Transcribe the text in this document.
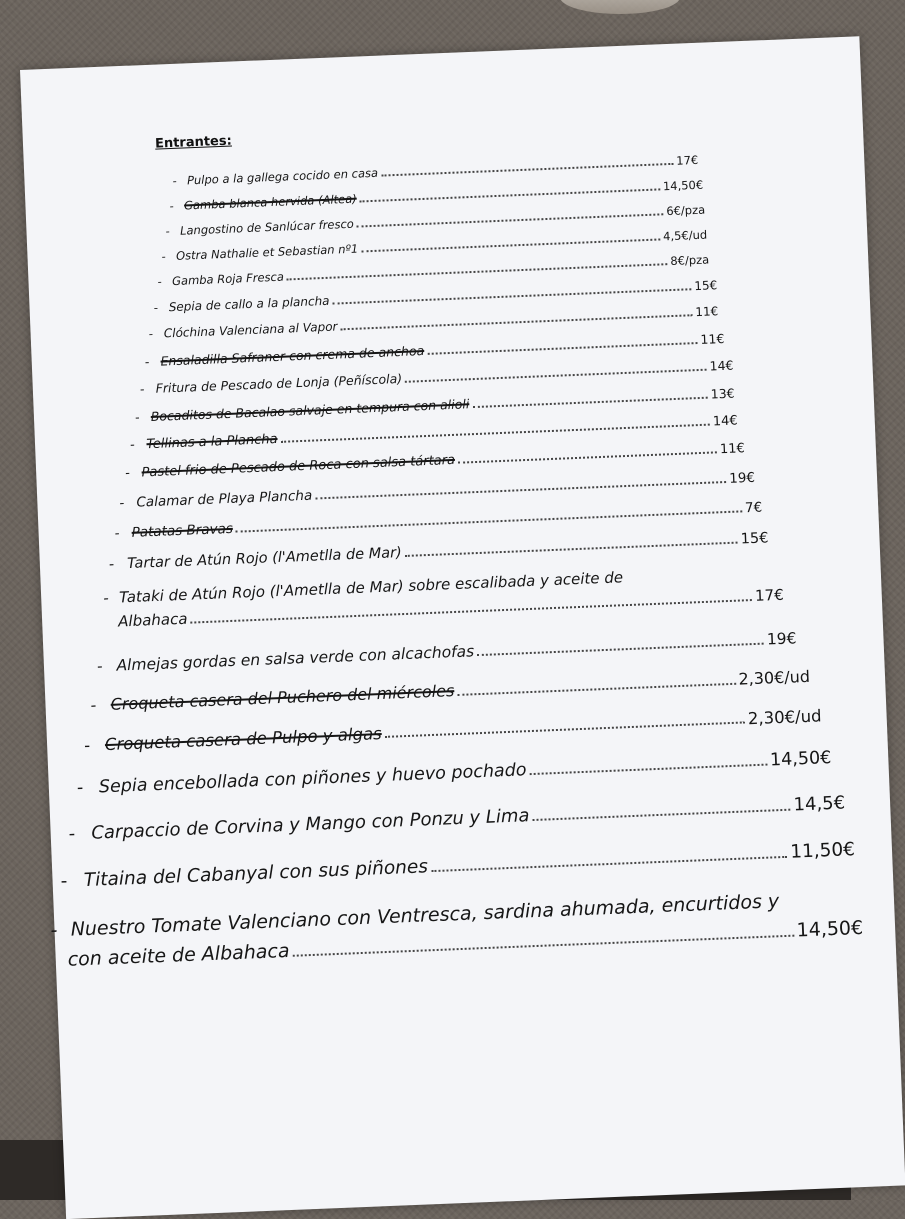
Entrantes:
- Pulpo a la gallega cocido en casa
17€
- Gamba blanca hervida (Altea)
14,50€
- Langostino de Sanlúcar fresco
6€/pza
- Ostra Nathalie et Sebastian nº1
4,5€/ud
- Gamba Roja Fresca
8€/pza
- Sepia de callo a la plancha
15€
- Clóchina Valenciana al Vapor
11€
- Ensaladilla Safraner con crema de anchoa
11€
- Fritura de Pescado de Lonja (Peñíscola)
14€
- Bocaditos de Bacalao salvaje en tempura con alioli
13€
- Tellinas a la Plancha
14€
- Pastel frio de Pescado de Roca con salsa tártara
11€
- Calamar de Playa Plancha
19€
- Patatas Bravas
7€
- Tartar de Atún Rojo (l'Ametlla de Mar)
15€
- Tataki de Atún Rojo (l'Ametlla de Mar) sobre escalibada y aceite de
Albahaca
17€
- Almejas gordas en salsa verde con alcachofas
19€
- Croqueta casera del Puchero del miércoles
2,30€/ud
- Croqueta casera de Pulpo y algas
2,30€/ud
- Sepia encebollada con piñones y huevo pochado
14,50€
- Carpaccio de Corvina y Mango con Ponzu y Lima
14,5€
- Titaina del Cabanyal con sus piñones
11,50€
- Nuestro Tomate Valenciano con Ventresca, sardina ahumada, encurtidos y
con aceite de Albahaca
14,50€
